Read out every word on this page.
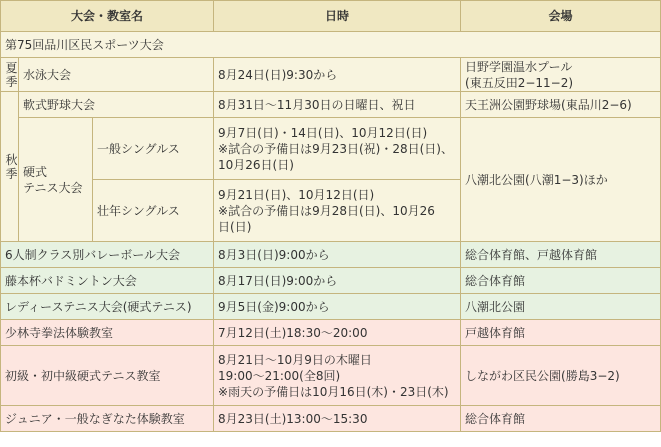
大会・教室名			日時	会場
第75回品川区民スポーツ大会				

夏季	水泳大会		8月24日(日)9:30から	日野学園温水プール
(東五反田2−11−2)

秋季	軟式野球大会		8月31日〜11月30日の日曜日、祝日	天王洲公園野球場(東品川2−6)

	硬式
テニス大会	一般シングルス	9月7日(日)・14日(日)、10月12日(日)
※試合の予備日は9月23日(祝)・28日(日)、
10月26日(日)	八潮北公園(八潮1−3)ほか
		壮年シングルス	9月21日(日)、10月12日(日)
※試合の予備日は9月28日(日)、10月26
日(日)	

6人制クラス別バレーボール大会			8月3日(日)9:00から	総合体育館、戸越体育館
藤本杯バドミントン大会			8月17日(日)9:00から	総合体育館
レディーステニス大会(硬式テニス)			9月5日(金)9:00から	八潮北公園
少林寺拳法体験教室			7月12日(土)18:30〜20:00	戸越体育館
初級・初中級硬式テニス教室			8月21日〜10月9日の木曜日
19:00〜21:00(全8回)
※雨天の予備日は10月16日(木)・23日(木)	しながわ区民公園(勝島3−2)
ジュニア・一般なぎなた体験教室			8月23日(土)13:00〜15:30	総合体育館
